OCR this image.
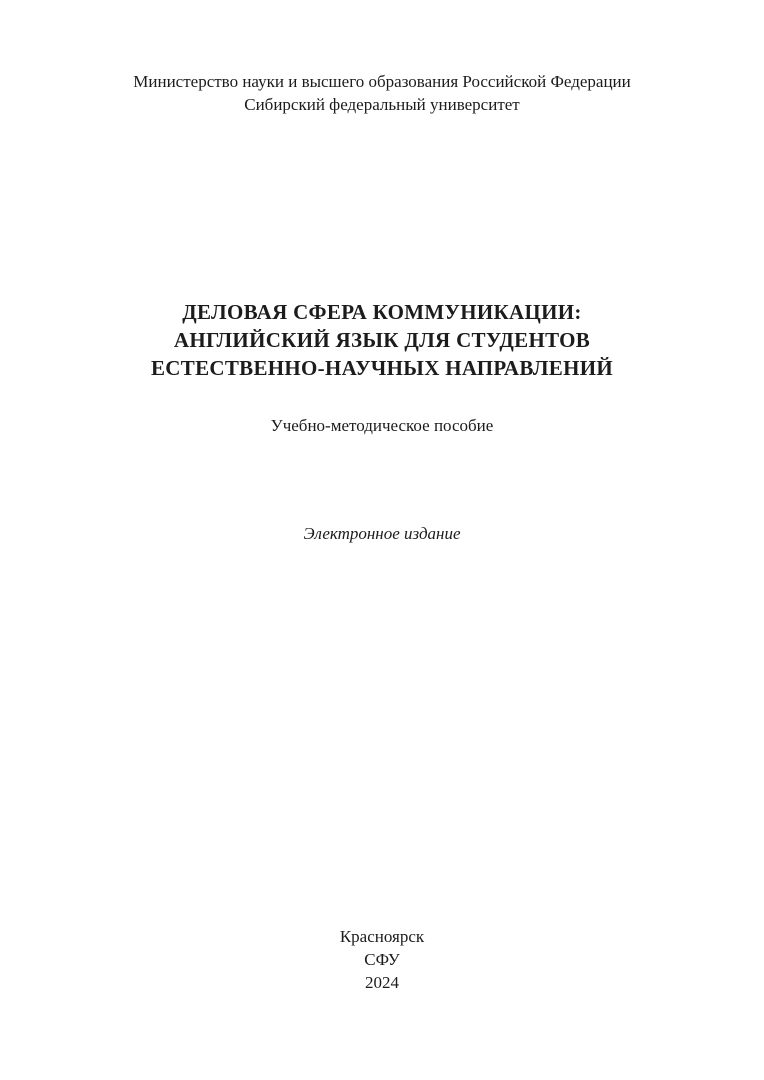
Министерство науки и высшего образования Российской Федерации
Сибирский федеральный университет
ДЕЛОВАЯ СФЕРА КОММУНИКАЦИИ:
АНГЛИЙСКИЙ ЯЗЫК ДЛЯ СТУДЕНТОВ
ЕСТЕСТВЕННО-НАУЧНЫХ НАПРАВЛЕНИЙ
Учебно-методическое пособие
Электронное издание
Красноярск
СФУ
2024
